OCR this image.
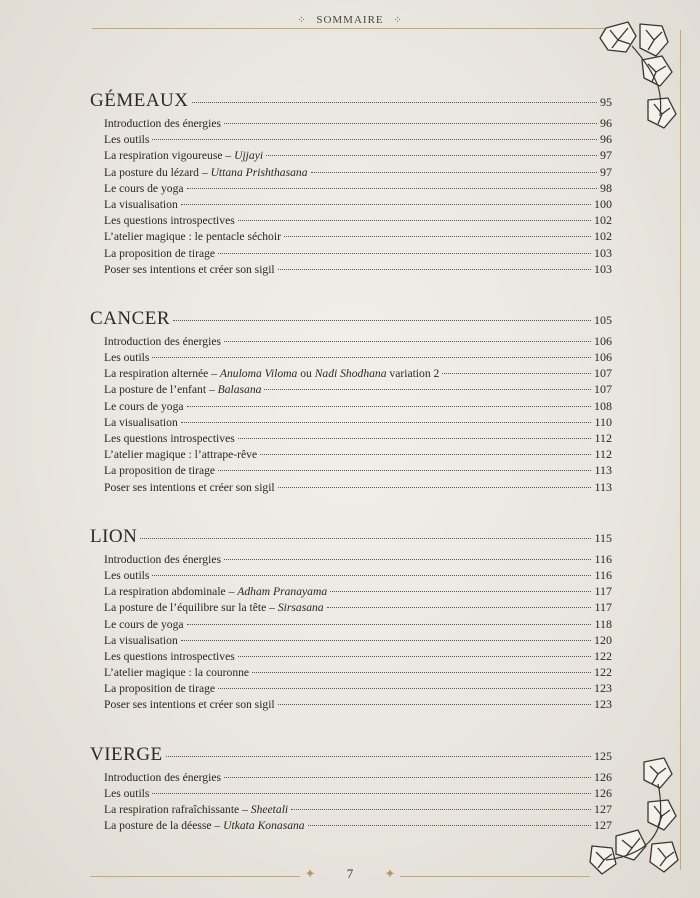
⁘ SOMMAIRE ⁘
GÉMEAUX	95
Introduction des énergies	96
Les outils	96
La respiration vigoureuse – Ujjayi	97
La posture du lézard – Uttana Prishthasana	97
Le cours de yoga	98
La visualisation	100
Les questions introspectives	102
L’atelier magique : le pentacle séchoir	102
La proposition de tirage	103
Poser ses intentions et créer son sigil	103
CANCER	105
Introduction des énergies	106
Les outils	106
La respiration alternée – Anuloma Viloma ou Nadi Shodhana variation 2	107
La posture de l’enfant – Balasana	107
Le cours de yoga	108
La visualisation	110
Les questions introspectives	112
L’atelier magique : l’attrape-rêve	112
La proposition de tirage	113
Poser ses intentions et créer son sigil	113
LION	115
Introduction des énergies	116
Les outils	116
La respiration abdominale – Adham Pranayama	117
La posture de l’équilibre sur la tête – Sirsasana	117
Le cours de yoga	118
La visualisation	120
Les questions introspectives	122
L’atelier magique : la couronne	122
La proposition de tirage	123
Poser ses intentions et créer son sigil	123
VIERGE	125
Introduction des énergies	126
Les outils	126
La respiration rafraîchissante – Sheetali	127
La posture de la déesse – Utkata Konasana	127
✦ 7 ✦
